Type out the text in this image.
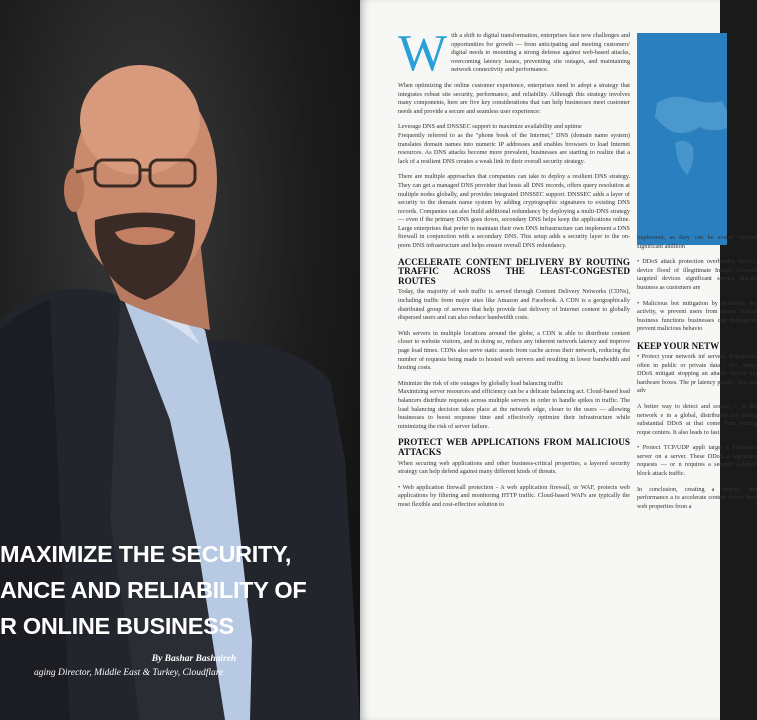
MAXIMIZE THE SECURITY,
ANCE AND RELIABILITY OF
R ONLINE BUSINESS
By Bashar Bashaireh
aging Director, Middle East & Turkey, Cloudflare

W ith a shift to digital transformation, enterprises face new challenges and opportunities for growth — from anticipating and meeting customers' digital needs to mounting a strong defense against web-based attacks, overcoming latency issues, preventing site outages, and maintaining network connectivity and performance.

When optimizing the online customer experience, enterprises need to adopt a strategy that integrates robust site security, performance, and reliability. Although this strategy involves many components, here are five key considerations that can help businesses meet customer needs and provide a secure and seamless user experience:

Leverage DNS and DNSSEC support to maximize availability and uptime
Frequently referred to as the "phone book of the Internet," DNS (domain name system) translates domain names into numeric IP addresses and enables browsers to load Internet resources. As DNS attacks become more prevalent, businesses are starting to realize that a lack of a resilient DNS creates a weak link in their overall security strategy.

There are multiple approaches that companies can take to deploy a resilient DNS strategy. They can get a managed DNS provider that hosts all DNS records, offers query resolution at multiple nodes globally, and provides integrated DNSSEC support. DNSSEC adds a layer of security to the domain name system by adding cryptographic signatures to existing DNS records. Companies can also build additional redundancy by deploying a multi-DNS strategy — even if the primary DNS goes down, secondary DNS helps keep the applications online. Large enterprises that prefer to maintain their own DNS infrastructure can implement a DNS firewall in conjunction with a secondary DNS. This setup adds a security layer to the on-prem DNS infrastructure and helps ensure overall DNS redundancy.

ACCELERATE CONTENT DELIVERY BY ROUTING TRAFFIC ACROSS THE LEAST-CONGESTED ROUTES

Today, the majority of web traffic is served through Content Delivery Networks (CDNs), including traffic from major sites like Amazon and Facebook. A CDN is a geographically distributed group of servers that help provide fast delivery of Internet content to globally dispersed users and can also reduce bandwidth costs.

With servers in multiple locations around the globe, a CDN is able to distribute content closer to website visitors, and in doing so, reduce any inherent network latency and improve page load times. CDNs also serve static assets from cache across their network, reducing the number of requests being made to hosted web servers and resulting in lower bandwidth and hosting costs.

Minimize the risk of site outages by globally load balancing traffic
Maximizing server resources and efficiency can be a delicate balancing act. Cloud-based load balancers distribute requests across multiple servers in order to handle spikes in traffic. The load balancing decision takes place at the network edge, closer to the users — allowing businesses to boost response time and effectively optimize their infrastructure while minimizing the risk of server failure.

PROTECT WEB APPLICATIONS FROM MALICIOUS ATTACKS

When securing web applications and other business-critical properties, a layered security strategy can help defend against many different kinds of threats.

• Web application firewall protection - A web application firewall, or WAF, protects web applications by filtering and monitoring HTTP traffic. Cloud-based WAFs are typically the most flexible and cost-effective solution to

implement, as they can be scaled without significant addition

• DDoS attack protection overburden servers, device flood of illegitimate Interne between targeted devices significant service disrupt business as customers are

• Malicious bot mitigation by malicious bot activity, w prevent users from access critical business functions businesses can distinguish prevent malicious behavio

KEEP YOUR NETW

• Protect your network inf servers. Enterprises often in public or private data c too. Many DDoS mitigati stopping an attack: scrubb via hardware boxes. The pr latency penalty that can adv

A better way to detect and source — at the network e in a global, distributed net during substantial DDoS at that come from routing reque centers. It also leads to fast

• Protect TCP/UDP appli target a business's server on a server. These DDoS a legitimate requests — or n requires a security solution block attack traffic.

In conclusion, creating a security and performance a to accelerate content delive their web properties from a
